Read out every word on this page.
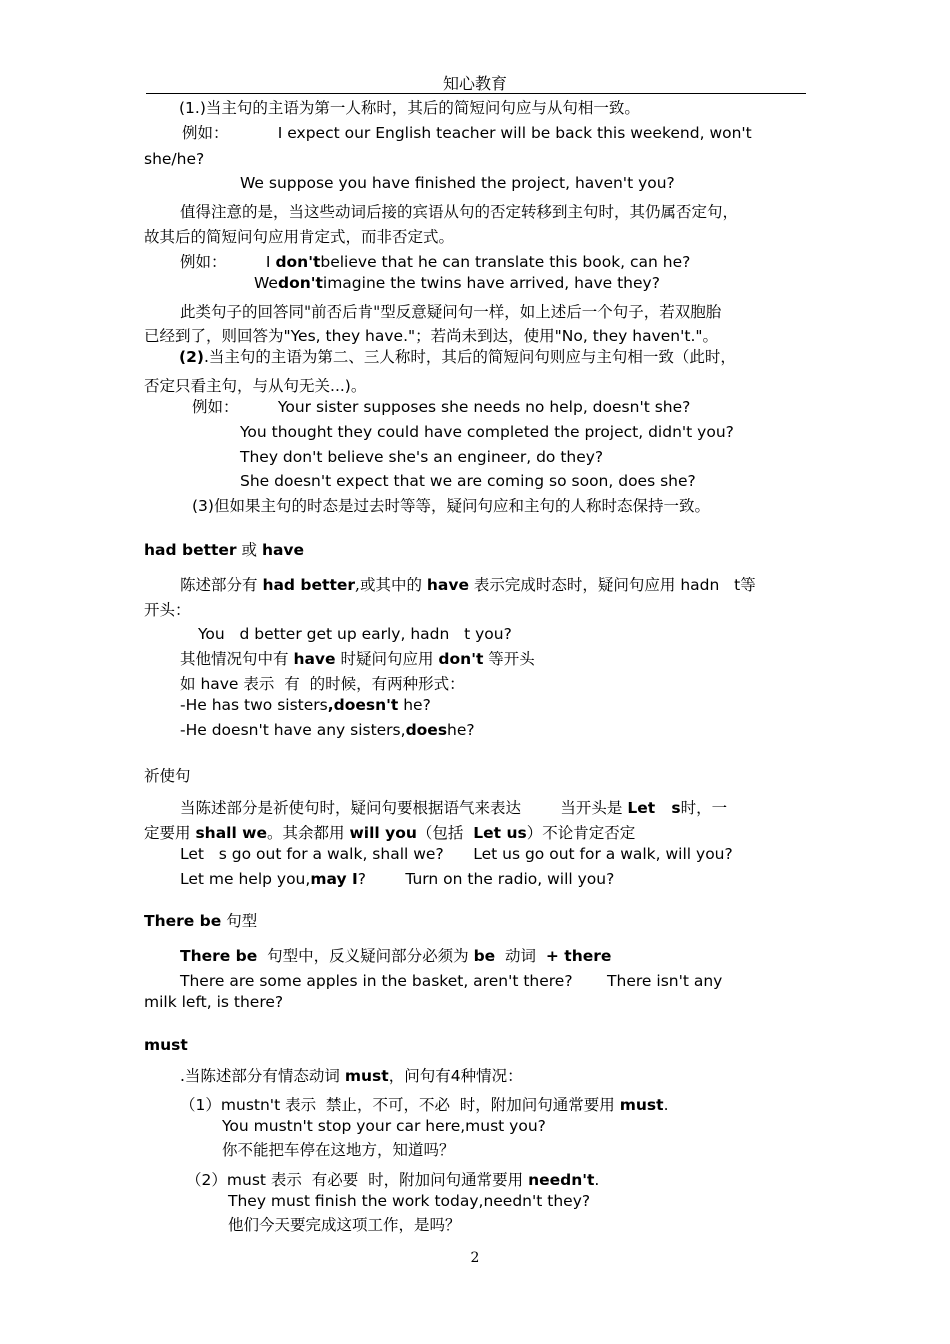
知心教育
(1.)当主句的主语为第一人称时，其后的简短问句应与从句相一致。
例如：          I expect our English teacher will be back this weekend, won't
she/he?
We suppose you have finished the project, haven't you?
值得注意的是，当这些动词后接的宾语从句的否定转移到主句时，其仍属否定句，
故其后的简短问句应用肯定式，而非否定式。
例如：        I don'tbelieve that he can translate this book, can he?
Wedon'timagine the twins have arrived, have they?
此类句子的回答同"前否后肯"型反意疑问句一样，如上述后一个句子，若双胞胎
已经到了，则回答为"Yes, they have."；若尚未到达，使用"No, they haven't."。
(2).当主句的主语为第二、三人称时，其后的简短问句则应与主句相一致（此时，
否定只看主句，与从句无关...)。
例如：        Your sister supposes she needs no help, doesn't she?
You thought they could have completed the project, didn't you?
They don't believe she's an engineer, do they?
She doesn't expect that we are coming so soon, does she?
(3)但如果主句的时态是过去时等等，疑问句应和主句的人称时态保持一致。
had better 或 have
陈述部分有 had better,或其中的 have 表示完成时态时，疑问句应用 hadn   t等
开头：
You   d better get up early, hadn   t you?
其他情况句中有 have 时疑问句应用 don't 等开头
如 have 表示  有  的时候，有两种形式：
-He has two sisters,doesn't he?
-He doesn't have any sisters,doeshe?
祈使句
当陈述部分是祈使句时，疑问句要根据语气来表达        当开头是 Let   s时，一
定要用 shall we。其余都用 will you（包括  Let us）不论肯定否定
Let   s go out for a walk, shall we?      Let us go out for a walk, will you?
Let me help you,may I?        Turn on the radio, will you?
There be 句型
There be  句型中，反义疑问部分必须为 be  动词  + there
There are some apples in the basket, aren't there?       There isn't any
milk left, is there?
must
.当陈述部分有情态动词 must，问句有4种情况：
（1）mustn't 表示  禁止，不可，不必  时，附加问句通常要用 must.
You mustn't stop your car here,must you?
你不能把车停在这地方，知道吗？
（2）must 表示  有必要  时，附加问句通常要用 needn't.
They must finish the work today,needn't they?
他们今天要完成这项工作，是吗？
2
